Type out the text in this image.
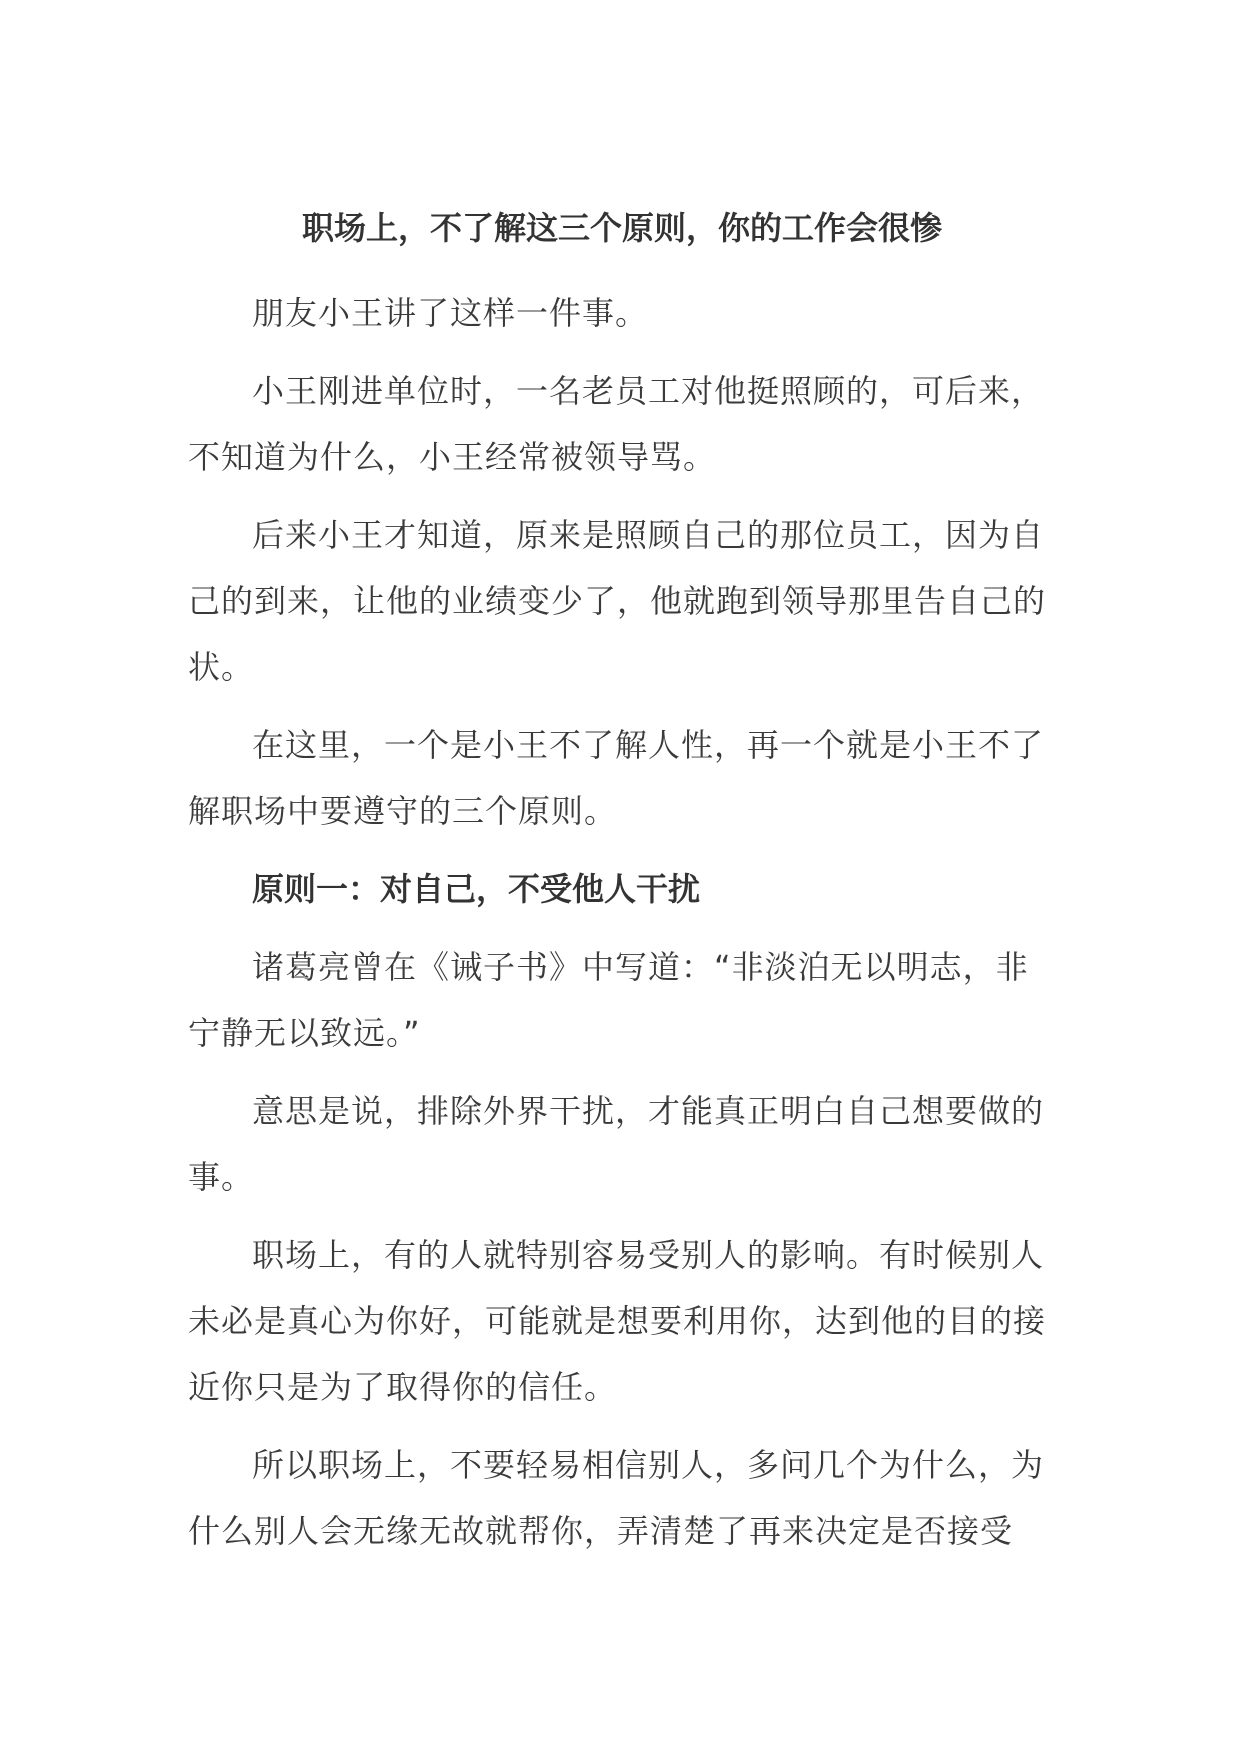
职场上，不了解这三个原则，你的工作会很惨

朋友小王讲了这样一件事。

小王刚进单位时，一名老员工对他挺照顾的，可后来，不知道为什么，小王经常被领导骂。

后来小王才知道，原来是照顾自己的那位员工，因为自己的到来，让他的业绩变少了，他就跑到领导那里告自己的状。

在这里，一个是小王不了解人性，再一个就是小王不了解职场中要遵守的三个原则。

原则一：对自己，不受他人干扰

诸葛亮曾在《诫子书》中写道：“非淡泊无以明志，非宁静无以致远。”

意思是说，排除外界干扰，才能真正明白自己想要做的事。

职场上，有的人就特别容易受别人的影响。有时候别人未必是真心为你好，可能就是想要利用你，达到他的目的接近你只是为了取得你的信任。

所以职场上，不要轻易相信别人，多问几个为什么，为什么别人会无缘无故就帮你，弄清楚了再来决定是否接受
